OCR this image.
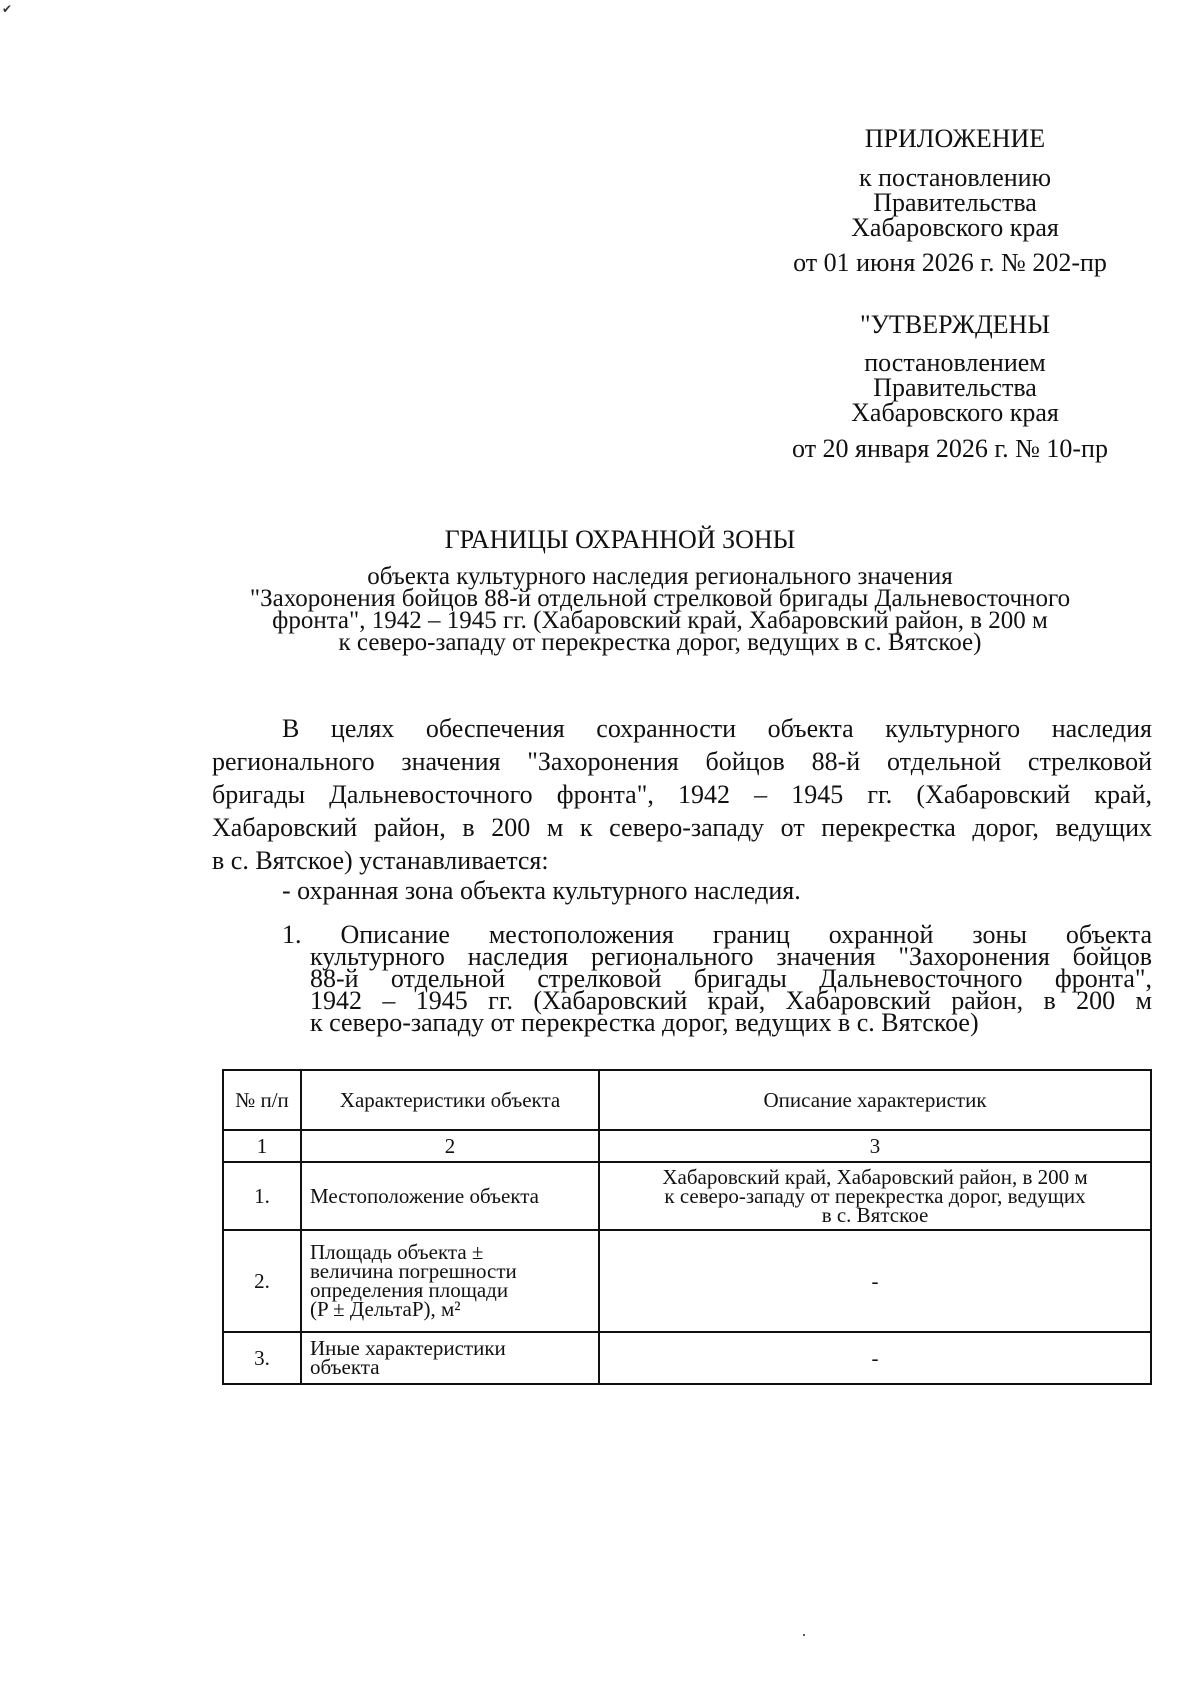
✔
ПРИЛОЖЕНИЕ
к постановлению
Правительства
Хабаровского края
от 01 июня 2026 г. № 202-пр
"УТВЕРЖДЕНЫ
постановлением
Правительства
Хабаровского края
от 20 января 2026 г. № 10-пр
ГРАНИЦЫ ОХРАННОЙ ЗОНЫ
объекта культурного наследия регионального значения
"Захоронения бойцов 88-й отдельной стрелковой бригады Дальневосточного
фронта", 1942 – 1945 гг. (Хабаровский край, Хабаровский район, в 200 м
к северо-западу от перекрестка дорог, ведущих в с. Вятское)
В целях обеспечения сохранности объекта культурного наследия
регионального значения "Захоронения бойцов 88-й отдельной стрелковой
бригады Дальневосточного фронта", 1942 – 1945 гг. (Хабаровский край,
Хабаровский район, в 200 м к северо-западу от перекрестка дорог, ведущих
в с. Вятское) устанавливается:
- охранная зона объекта культурного наследия.
1. Описание местоположения границ охранной зоны объекта
культурного наследия регионального значения "Захоронения бойцов
88-й отдельной стрелковой бригады Дальневосточного фронта",
1942 – 1945 гг. (Хабаровский край, Хабаровский район, в 200 м
к северо-западу от перекрестка дорог, ведущих в с. Вятское)
№ п/п	Характеристики объекта	Описание характеристик
1	2	3
1.	Местоположение объекта	Хабаровский край, Хабаровский район, в 200 м
к северо-западу от перекрестка дорог, ведущих
в с. Вятское

2.	Площадь объекта ±
величина погрешности
определения площади
(P ± ДельтаP), м²	-

3.	Иные характеристики
объекта	-
